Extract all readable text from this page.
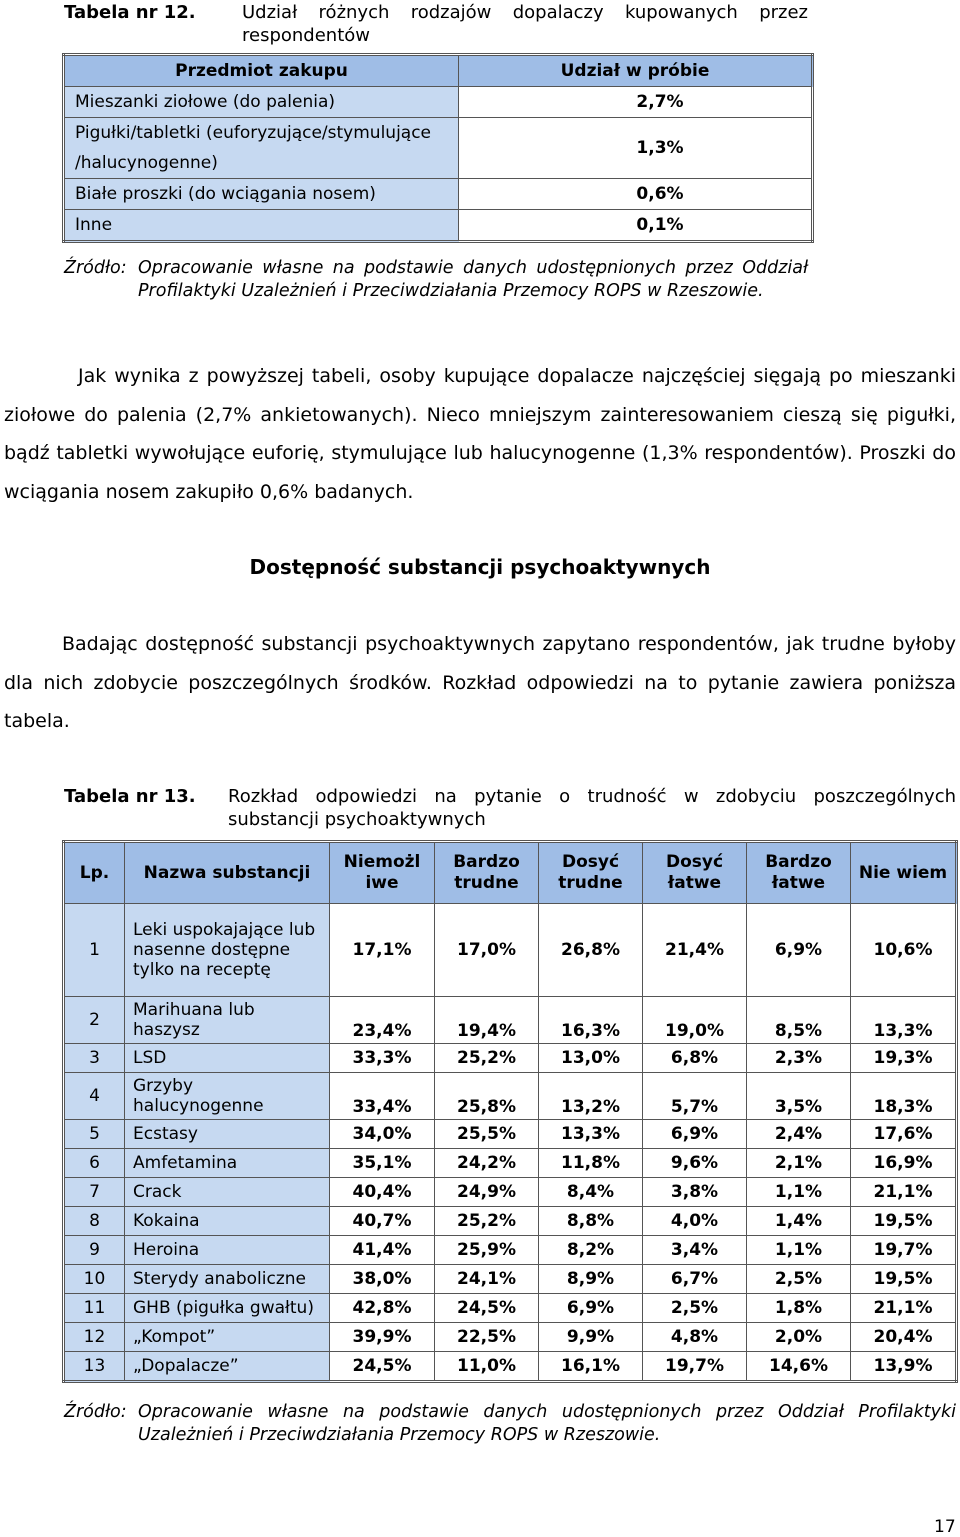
Tabela nr 12.	Udział różnych rodzajów dopalaczy kupowanych przez respondentów
Przedmiot zakupu	Udział w próbie
Mieszanki ziołowe (do palenia)	2,7%
Pigułki/tabletki (euforyzujące/stymulujące /halucynogenne)	1,3%
Białe proszki (do wciągania nosem)	0,6%
Inne	0,1%
Źródło: Opracowanie własne na podstawie danych udostępnionych przez Oddział Profilaktyki Uzależnień i Przeciwdziałania Przemocy ROPS w Rzeszowie.
Jak wynika z powyższej tabeli, osoby kupujące dopalacze najczęściej sięgają po mieszanki ziołowe do palenia (2,7% ankietowanych). Nieco mniejszym zainteresowaniem cieszą się pigułki, bądź tabletki wywołujące euforię, stymulujące lub halucynogenne (1,3% respondentów). Proszki do wciągania nosem zakupiło 0,6% badanych.
Dostępność substancji psychoaktywnych
Badając dostępność substancji psychoaktywnych zapytano respondentów, jak trudne byłoby dla nich zdobycie poszczególnych środków. Rozkład odpowiedzi na to pytanie zawiera poniższa tabela.
Tabela nr 13. Rozkład odpowiedzi na pytanie o trudność w zdobyciu poszczególnych substancji psychoaktywnych
Lp.	Nazwa substancji	Niemożl iwe	Bardzo trudne	Dosyć trudne	Dosyć łatwe	Bardzo łatwe	Nie wiem
1	Leki uspokajające lub nasenne dostępne tylko na receptę	17,1%	17,0%	26,8%	21,4%	6,9%	10,6%
2	Marihuana lub haszysz	23,4%	19,4%	16,3%	19,0%	8,5%	13,3%
3	LSD	33,3%	25,2%	13,0%	6,8%	2,3%	19,3%
4	Grzyby halucynogenne	33,4%	25,8%	13,2%	5,7%	3,5%	18,3%
5	Ecstasy	34,0%	25,5%	13,3%	6,9%	2,4%	17,6%
6	Amfetamina	35,1%	24,2%	11,8%	9,6%	2,1%	16,9%
7	Crack	40,4%	24,9%	8,4%	3,8%	1,1%	21,1%
8	Kokaina	40,7%	25,2%	8,8%	4,0%	1,4%	19,5%
9	Heroina	41,4%	25,9%	8,2%	3,4%	1,1%	19,7%
10	Sterydy anaboliczne	38,0%	24,1%	8,9%	6,7%	2,5%	19,5%
11	GHB (pigułka gwałtu)	42,8%	24,5%	6,9%	2,5%	1,8%	21,1%
12	„Kompot”	39,9%	22,5%	9,9%	4,8%	2,0%	20,4%
13	„Dopalacze”	24,5%	11,0%	16,1%	19,7%	14,6%	13,9%
Źródło: Opracowanie własne na podstawie danych udostępnionych przez Oddział Profilaktyki Uzależnień i Przeciwdziałania Przemocy ROPS w Rzeszowie.
17
